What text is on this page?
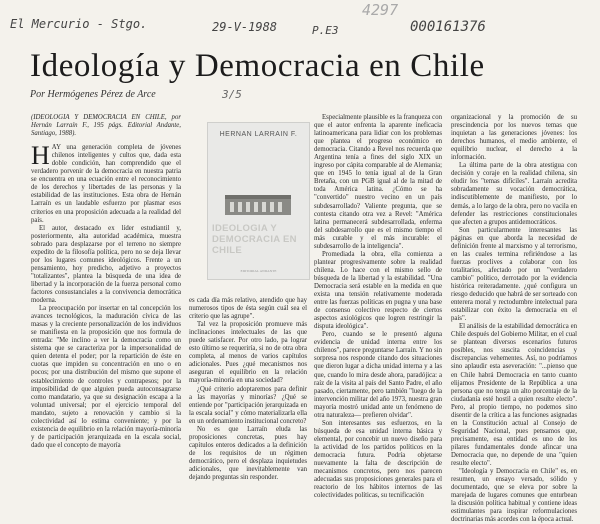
El Mercurio - Stgo.	29-V-1988	P.E3
4297
000161376
Ideología y Democracia en Chile

Por Hermógenes Pérez de Arce	3/5

(IDEOLOGIA Y DEMOCRACIA EN CHILE, por Hernán Larraín F., 195 págs. Editorial Andante, Santiago, 1988).

HAY una generación completa de jóvenes chilenos inteligentes y cultos que, dada esta doble condición, han comprendido que el verdadero porvenir de la democracia en nuestra patria se encuentra en una ecuación entre el reconocimiento de los derechos y libertades de las personas y la estabilidad de las instituciones. Esta obra de Hernán Larraín es un laudable esfuerzo por plasmar esos criterios en una proposición adecuada a la realidad del país.

El autor, destacado ex líder estudiantil y, posteriormente, alta autoridad académica, muestra sobrado para desplazarse por el terreno no siempre expedito de la filosofía política, pero no se deja llevar por los lugares comunes ideológicos. Frente a un pensamiento, hoy predicho, adjetivo a proyectos "totalizantes", plantea la búsqueda de una idea de libertad y la incorporación de la fuerza personal como factores consustanciales a la convivencia democrática moderna.

La preocupación por insertar en tal concepción los avances tecnológicos, la maduración cívica de las masas y la creciente personalización de los individuos se manifiesta en la proposición que nos formula de entrada: "Me inclino a ver la democracia como un sistema que se caracteriza por la impersonalidad de quien detenta el poder; por la repartición de éste en cuotas que impiden su concentración en uno o en pocos; por una distribución del mismo que supone el establecimiento de controles y contrapesos; por la imposibilidad de que alguien pueda autoconsagrarse como mandatario, ya que su designación escapa a la voluntad universal; por el ejercicio temporal del mandato, sujeto a renovación y cambio si la colectividad así lo estima conveniente; y por la existencia de equilibrio en la relación mayoría-minoría y de participación jerarquizada en la escala social, dado que el concepto de mayoría

HERNAN LARRAIN F.
IDEOLOGIA Y DEMOCRACIA EN CHILE
EDITORIAL ANDANTE

es cada día más relativo, atendido que hay numerosos tipos de ésta según cuál sea el criterio que las agrupe".

Tal vez la proposición promueve más inclinaciones intelectuales de las que puede satisfacer. Por otro lado, pa lograr esto último se requeriría, si no de otra obra completa, al menos de varios capítulos adicionales. Pues ¿qué mecanismos nos aseguran el equilibrio en la relación mayoría-minoría en una sociedad?

¿Qué criterio adoptaremos para definir a las mayorías y minorías? ¿Qué se entiende por "participación jerarquizada en la escala social" y cómo materializarla ella en un ordenamiento institucional concreto?

No es que Larraín eluda las proposiciones concretas, pues hay capítulos enteros dedicados a la definición de los requisitos de un régimen democrático, pero el desplaza inquietudes adicionales, que inevitablemente van dejando preguntas sin responder.

Especialmente plausible es la franqueza con que el autor enfrenta la aparente ineficacia latinoamericana para lidiar con los problemas que plantea el progreso económico en democracia. Citando a Revel nos recuerda que Argentina tenía a fines del siglo XIX un ingreso por cápita comparable al de Alemania; que en 1945 lo tenía igual al de la Gran Bretaña, con un PGB igual al de la mitad de toda América latina. ¿Cómo se ha "convertido" nuestro vecino en un país subdesarrollado? Valiente pregunta, que se contesta citando otra vez a Revel: "América latina permanecerá subdesarrollada, enferma del subdesarrollo que es el mismo tiempo el más curable y el más incurable: el subdesarrollo de la inteligencia".

Promediada la obra, ella comienza a plantear progresivamente sobre la realidad chilena. Lo hace con el mismo sello de búsqueda de la libertad y la estabilidad. "Una Democracia será estable en la medida en que exista una tensión relativamente moderada entre las fuerzas políticas en pugna y una base de consenso colectivo respecto de ciertos aspectos axiológicos que logren restringir la disputa ideológica".

Pero, cuando se le presentó alguna evidencia de unidad interna entre los chilenos", parece preguntarse Larraín. Y no sin sorpresa nos responde citando dos situaciones que dieron lugar a dicha unidad interna y a las que, cuando lo mira desde ahora, paradójica: a raíz de la visita al país del Santo Padre, el año pasado, ciertamente, pero también "luego de la intervención militar del año 1973, nuestra gran mayoría mostró unidad ante un fenómeno de otra naturaleza— prefieren olvidar".

Son interesantes sus esfuerzos, en la búsqueda de esa unidad interna básica y elemental, por concebir un nuevo diseño para la actividad de los partidos políticos en la democracia futura. Podría objetarse nuevamente la falta de descripción de mecanismos concretos, pero nos parecen adecuadas sus proposiciones generales para el reactorio de los hábitos internos de las colectividades políticas, su tecnificación

organizacional y la promoción de su prescindencia por los nuevos temas que inquietan a las generaciones jóvenes: los derechos humanos, el medio ambiente, el equilibrio nuclear, el derecho a la información.

La última parte de la obra atestigua con decisión y coraje en la realidad chilena, sin eludir los "temas difíciles". Larraín acredita sobradamente su vocación democrática, indiscutiblemente de manifiesto, por lo demás, a lo largo de la obra, pero no vacila en defender las restricciones constitucionales que afecten a grupos antidemocráticos.

Son particularmente interesantes las páginas en que aborda la necesidad de definición frente al marxismo y al terrorismo, en las cuales termina refiriéndose a las fuerzas proclives a colaborar con los totalitarios, afectado por un "verdadero cambio" político, derrotado por la evidencia histórica reiteradamente. ¿qué configura un riesgo deducido que habrá de ser sorteado con enterera moral y rectodumbre intelectual para estabilizar con éxito la democracia en el país".

El análisis de la estabilidad democrática en Chile después del Gobierno Militar, en el cual se plantean diversos escenarios futuros posibles, nos suscita coincidencias y discrepancias vehementes. Así, no podríamos sino aplaudir esta aseveración: "...pienso que en Chile habrá Democracia en tanto cuanto elijamos Presidente de la República a una persona que no tenga un alto porcentaje de la ciudadanía esté hostil a quien resulte electo". Pero, al propio tiempo, no podemos sino disentir de la crítica a las funciones asignadas en la Constitución actual al Consejo de Seguridad Nacional, pues pensamos que, precisamente, esa entidad es uno de los pilares fundamentales donde afincar una Democracia que, no depende de una "quien resulte electo".

"Ideología y Democracia en Chile" es, en resumen, un ensayo versado, sólido y documentado, que se eleva por sobre la marejada de lugares comunes que enturbean la discusión política habitual y contiene ideas estimulantes para inspirar reformulaciones doctrinarias más acordes con la época actual.
